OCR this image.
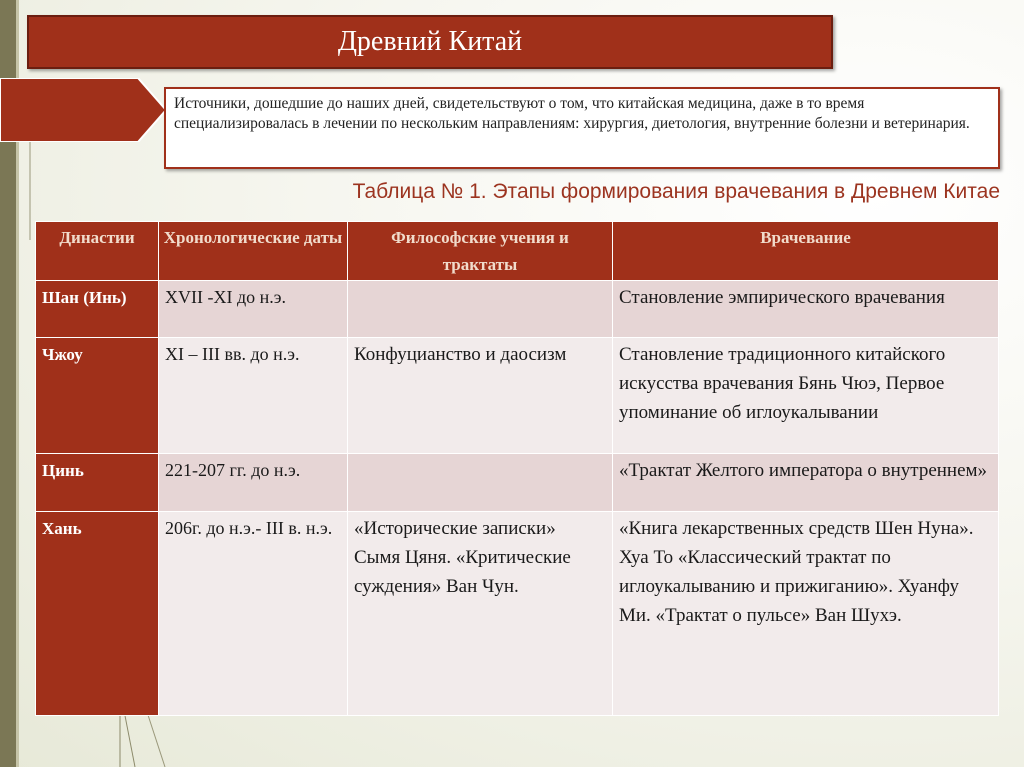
Древний Китай
Источники, дошедшие до наших дней, свидетельствуют о том, что китайская медицина, даже в то время специализировалась в лечении по нескольким направлениям: хирургия, диетология, внутренние болезни и ветеринария.
Таблица № 1. Этапы формирования врачевания в Древнем Китае
Династии	Хронологические даты	Философские учения и трактаты	Врачевание

Шан (Инь)	XVII -XI до н.э.		Становление эмпирического врачевания

Чжоу	XI – III вв. до н.э.	Конфуцианство и даосизм	Становление традиционного китайского искусства врачевания Бянь Чюэ, Первое упоминание об иглоукалывании

Цинь	221-207 гг. до н.э.		«Трактат Желтого императора о внутреннем»

Хань	206г. до н.э.- III в. н.э.	«Исторические записки» Сымя Цяня. «Критические суждения» Ван Чун.	«Книга лекарственных средств Шен Нуна». Хуа То «Классический трактат по иглоукалыванию и прижиганию». Хуанфу Ми. «Трактат о пульсе» Ван Шухэ.
